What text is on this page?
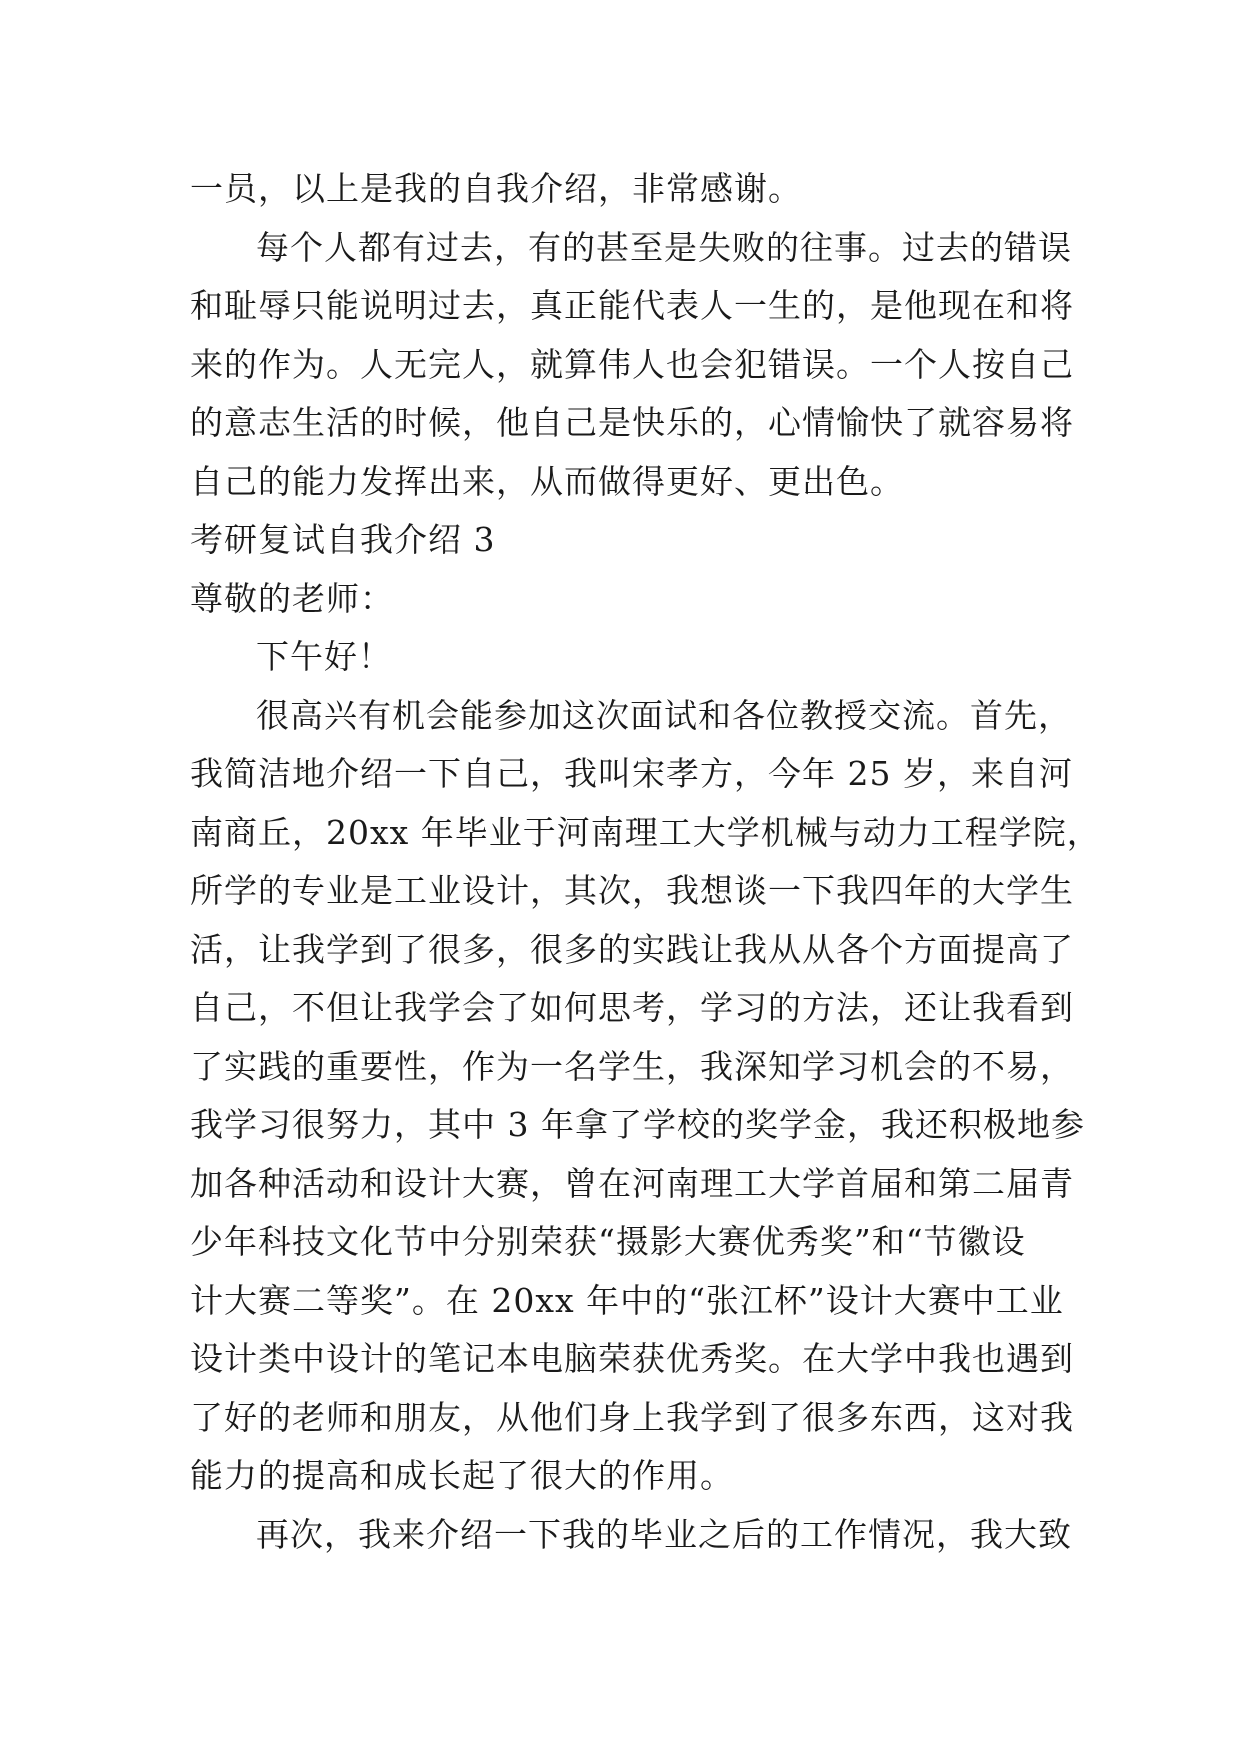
一员，以上是我的自我介绍，非常感谢。
每个人都有过去，有的甚至是失败的往事。过去的错误
和耻辱只能说明过去，真正能代表人一生的，是他现在和将
来的作为。人无完人，就算伟人也会犯错误。一个人按自己
的意志生活的时候，他自己是快乐的，心情愉快了就容易将
自己的能力发挥出来，从而做得更好、更出色。
考研复试自我介绍 3
尊敬的老师：
下午好！
很高兴有机会能参加这次面试和各位教授交流。首先，
我简洁地介绍一下自己，我叫宋孝方，今年 25 岁，来自河
南商丘，20xx 年毕业于河南理工大学机械与动力工程学院，
所学的专业是工业设计，其次，我想谈一下我四年的大学生
活，让我学到了很多，很多的实践让我从从各个方面提高了
自己，不但让我学会了如何思考，学习的方法，还让我看到
了实践的重要性，作为一名学生，我深知学习机会的不易，
我学习很努力，其中 3 年拿了学校的奖学金，我还积极地参
加各种活动和设计大赛，曾在河南理工大学首届和第二届青
少年科技文化节中分别荣获“摄影大赛优秀奖”和“节徽设
计大赛二等奖”。在 20xx 年中的“张江杯”设计大赛中工业
设计类中设计的笔记本电脑荣获优秀奖。在大学中我也遇到
了好的老师和朋友，从他们身上我学到了很多东西，这对我
能力的提高和成长起了很大的作用。
再次，我来介绍一下我的毕业之后的工作情况，我大致
